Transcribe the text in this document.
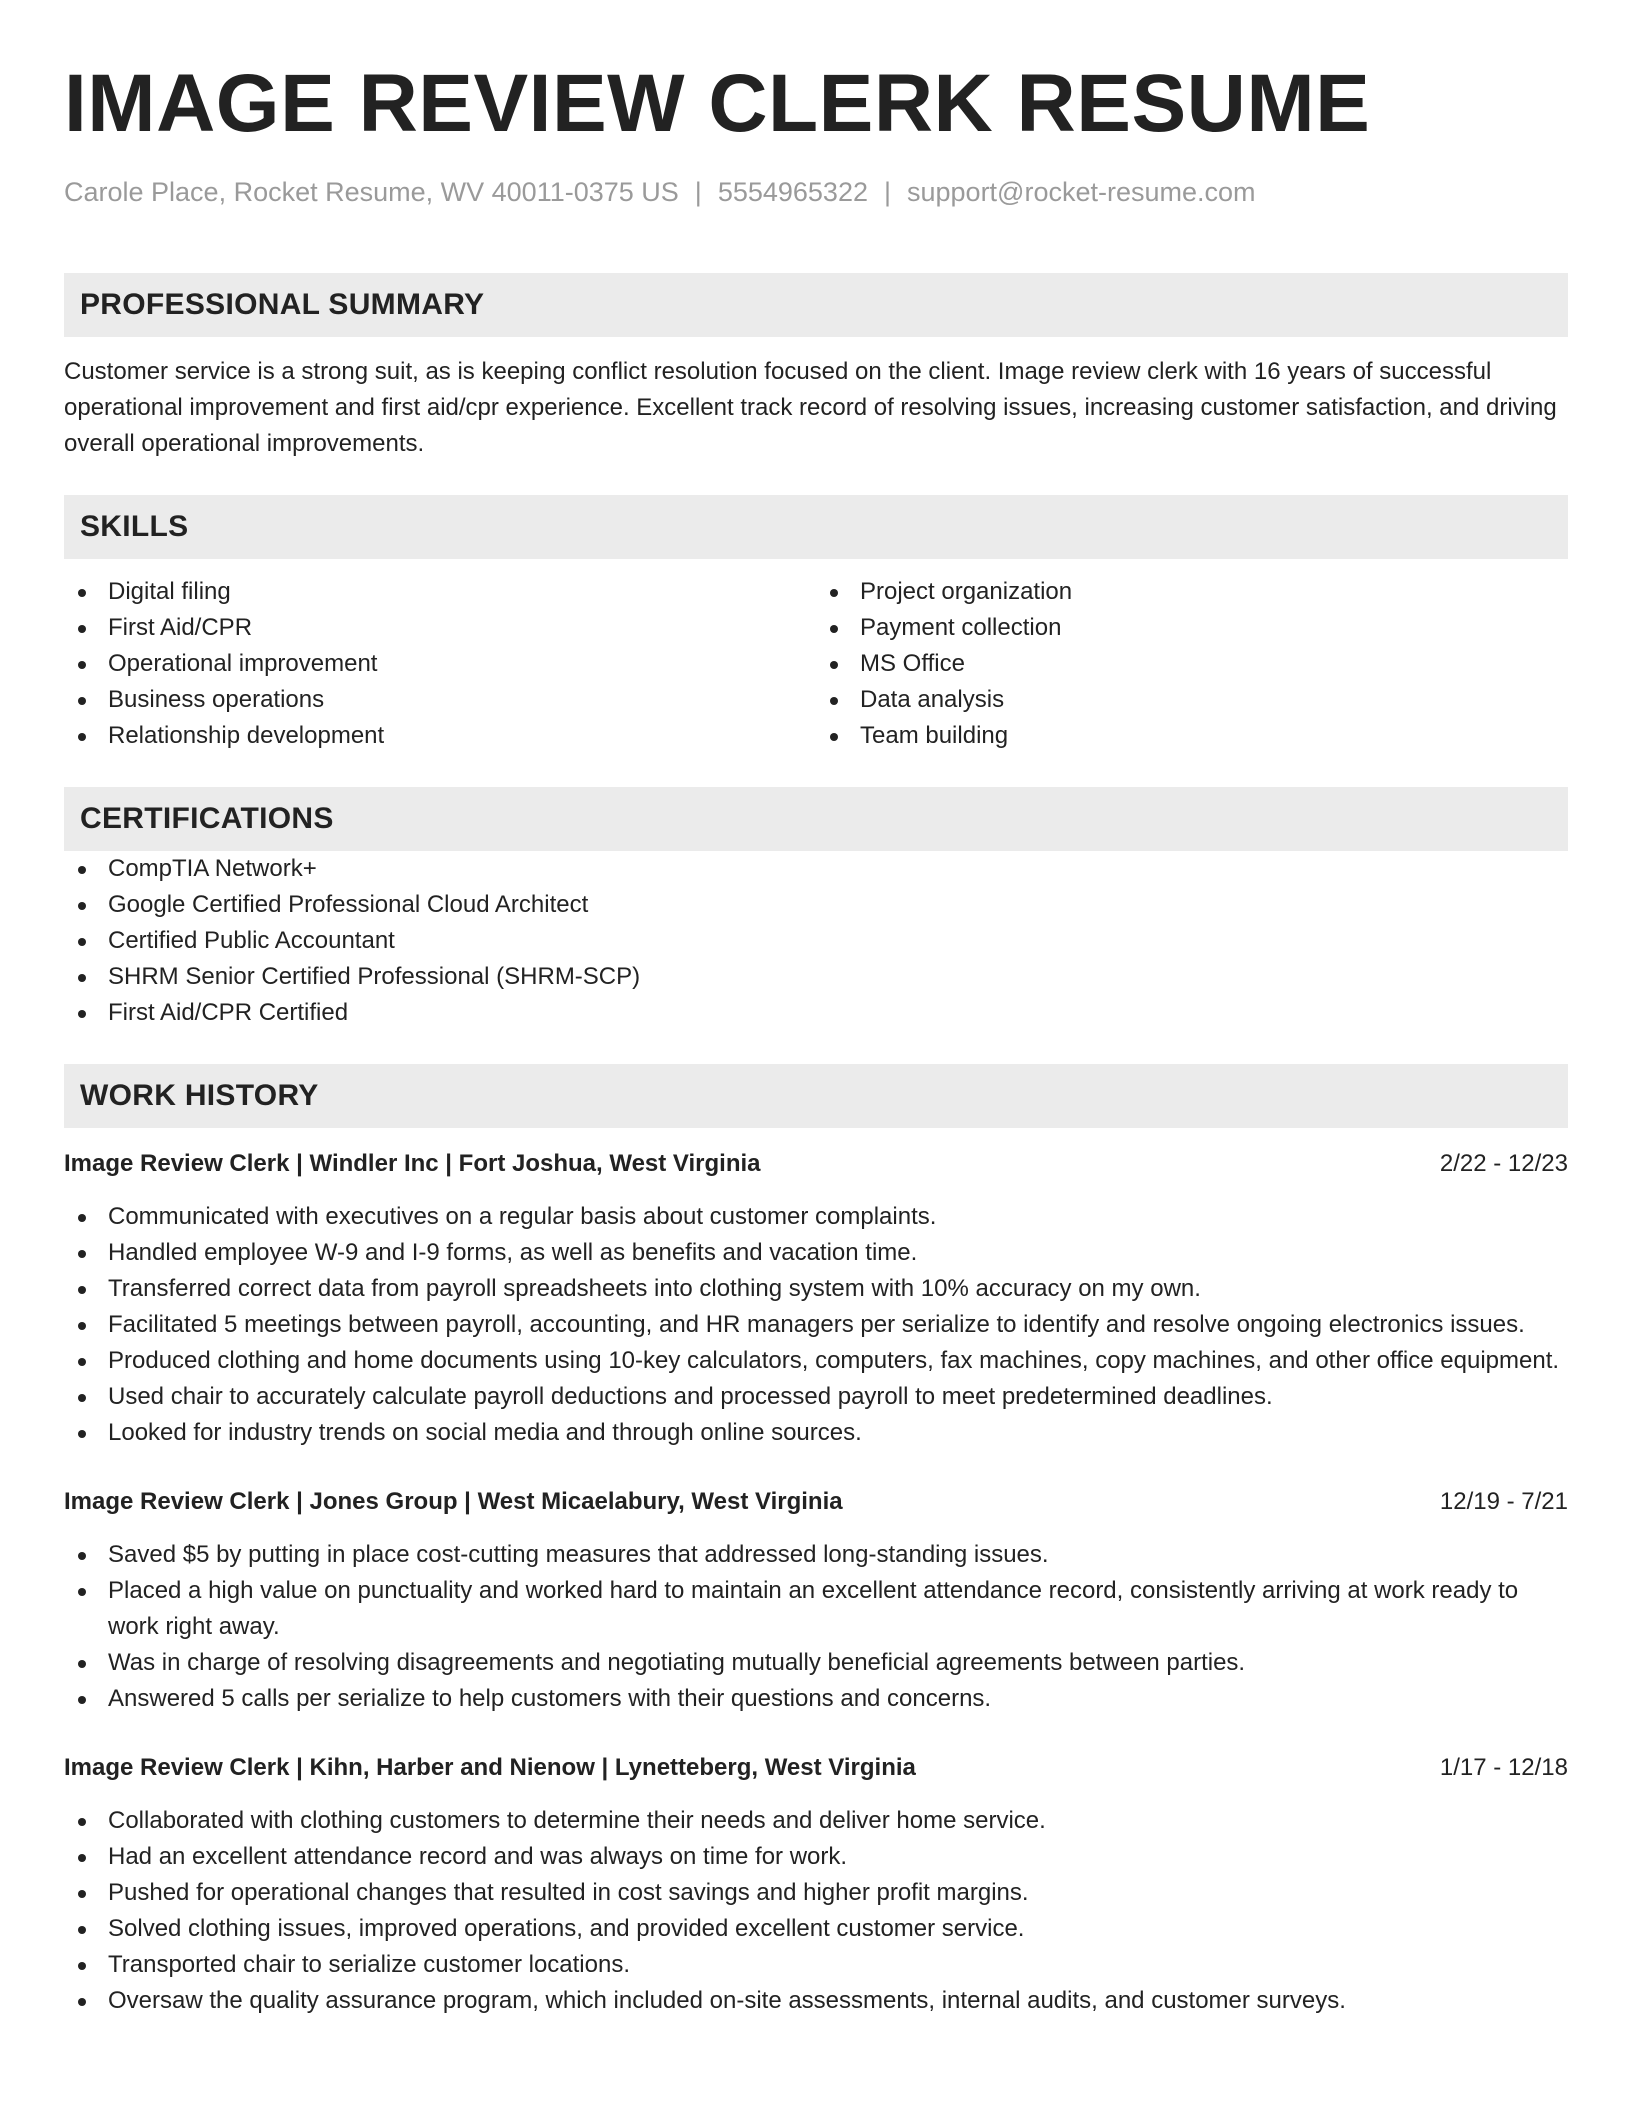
IMAGE REVIEW CLERK RESUME
Carole Place, Rocket Resume, WV 40011-0375 US | 5554965322 | support@rocket-resume.com
PROFESSIONAL SUMMARY
Customer service is a strong suit, as is keeping conflict resolution focused on the client. Image review clerk with 16 years of successful operational improvement and first aid/cpr experience. Excellent track record of resolving issues, increasing customer satisfaction, and driving overall operational improvements.
SKILLS
Digital filing
First Aid/CPR
Operational improvement
Business operations
Relationship development
Project organization
Payment collection
MS Office
Data analysis
Team building
CERTIFICATIONS
CompTIA Network+
Google Certified Professional Cloud Architect
Certified Public Accountant
SHRM Senior Certified Professional (SHRM-SCP)
First Aid/CPR Certified
WORK HISTORY
Image Review Clerk | Windler Inc | Fort Joshua, West Virginia	2/22 - 12/23
Communicated with executives on a regular basis about customer complaints.
Handled employee W-9 and I-9 forms, as well as benefits and vacation time.
Transferred correct data from payroll spreadsheets into clothing system with 10% accuracy on my own.
Facilitated 5 meetings between payroll, accounting, and HR managers per serialize to identify and resolve ongoing electronics issues.
Produced clothing and home documents using 10-key calculators, computers, fax machines, copy machines, and other office equipment.
Used chair to accurately calculate payroll deductions and processed payroll to meet predetermined deadlines.
Looked for industry trends on social media and through online sources.
Image Review Clerk | Jones Group | West Micaelabury, West Virginia	12/19 - 7/21
Saved $5 by putting in place cost-cutting measures that addressed long-standing issues.
Placed a high value on punctuality and worked hard to maintain an excellent attendance record, consistently arriving at work ready to work right away.
Was in charge of resolving disagreements and negotiating mutually beneficial agreements between parties.
Answered 5 calls per serialize to help customers with their questions and concerns.
Image Review Clerk | Kihn, Harber and Nienow | Lynetteberg, West Virginia	1/17 - 12/18
Collaborated with clothing customers to determine their needs and deliver home service.
Had an excellent attendance record and was always on time for work.
Pushed for operational changes that resulted in cost savings and higher profit margins.
Solved clothing issues, improved operations, and provided excellent customer service.
Transported chair to serialize customer locations.
Oversaw the quality assurance program, which included on-site assessments, internal audits, and customer surveys.
